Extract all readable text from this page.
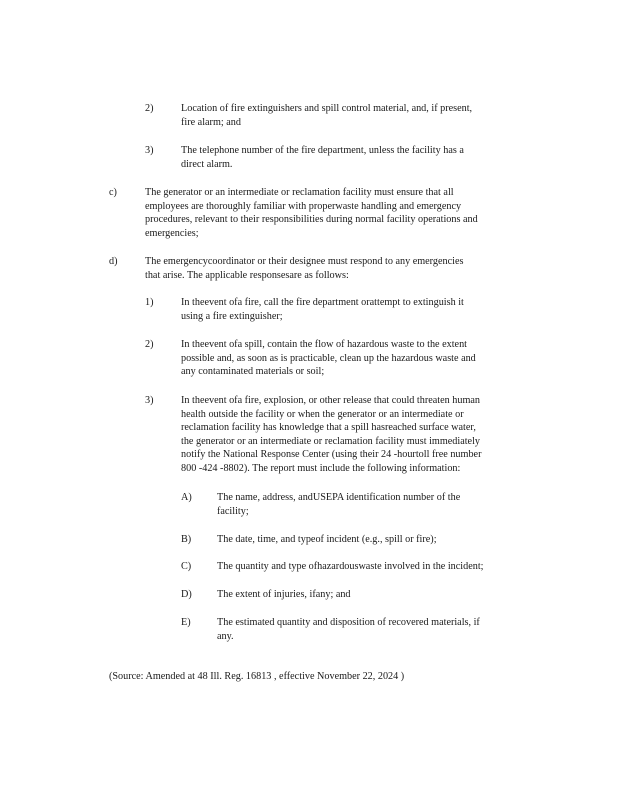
2)	Location of fire extinguishers and spill control material, and, if present,
fire alarm; and
3)	The telephone number of the fire department, unless the facility has a
direct alarm.
c)	The generator or an intermediate or reclamation facility must ensure that all
employees are thoroughly familiar with properwaste handling and emergency
procedures, relevant to their responsibilities during normal facility operations and
emergencies;
d)	The emergencycoordinator or their designee must respond to any emergencies
that arise. The applicable responsesare as follows:
1)	In theevent ofa fire, call the fire department orattempt to extinguish it
using a fire extinguisher;
2)	In theevent ofa spill, contain the flow of hazardous waste to the extent
possible and, as soon as is practicable, clean up the hazardous waste and
any contaminated materials or soil;
3)	In theevent ofa fire, explosion, or other release that could threaten human
health outside the facility or when the generator or an intermediate or
reclamation facility has knowledge that a spill hasreached surface water,
the generator or an intermediate or reclamation facility must immediately
notify the National Response Center (using their 24 -hourtoll free number
800 -424 -8802). The report must include the following information:
A) The name, address, andUSEPA identification number of the
facility;
B)	The date, time, and typeof incident (e.g., spill or fire);
C)	The quantity and type ofhazardouswaste involved in the incident;
D) The extent of injuries, ifany; and
E)	The estimated quantity and disposition of recovered materials, if
any.
(Source: Amended at 48 Ill. Reg. 16813 , effective November 22, 2024 )
